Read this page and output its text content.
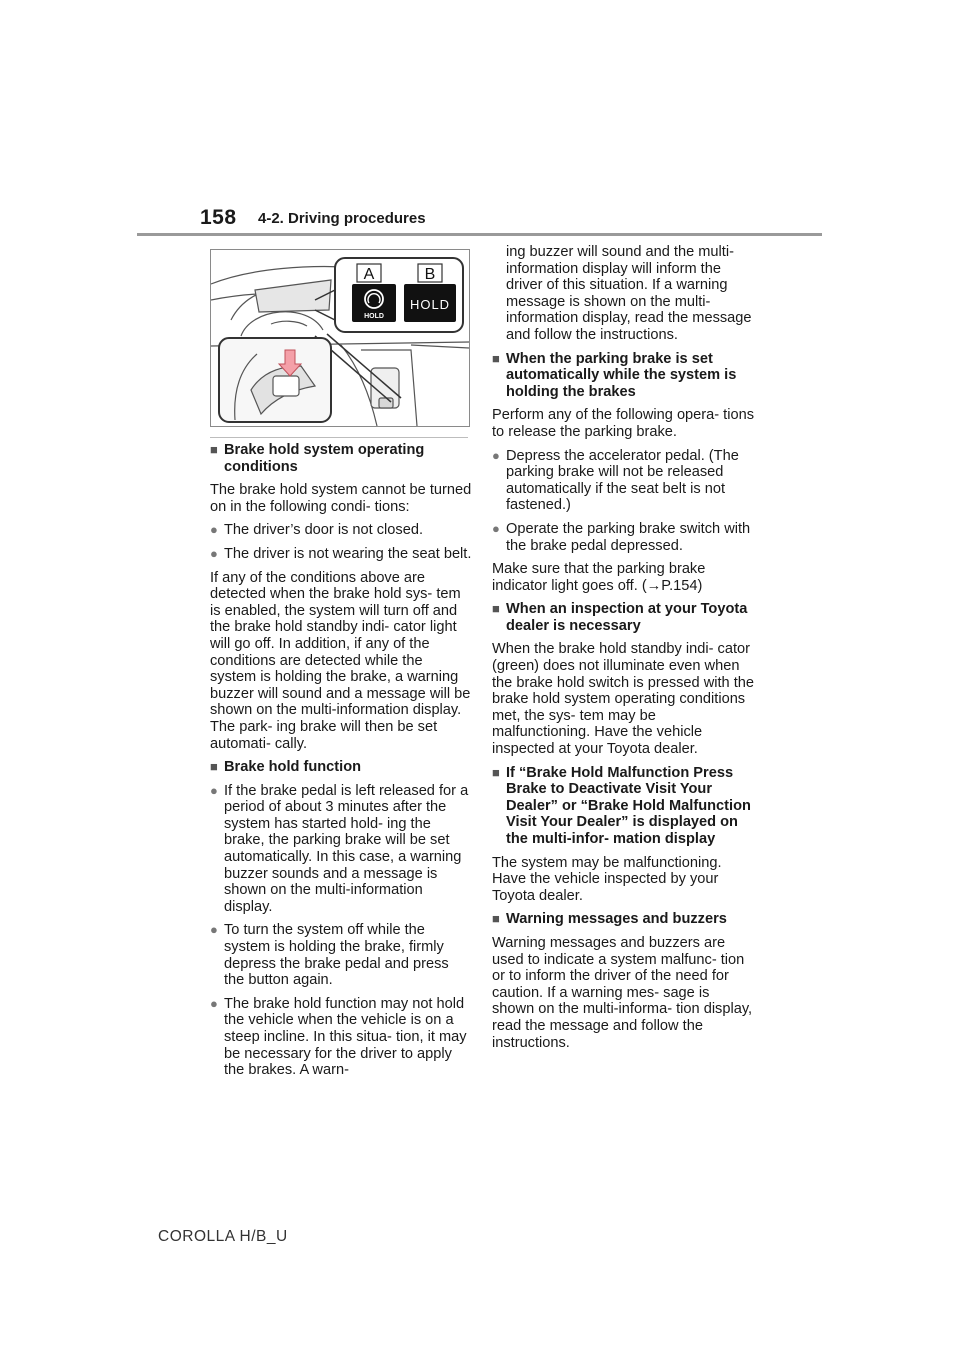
158 4-2. Driving procedures
A	B
HOLD
HOLD
■ Brake hold system operating conditions

The brake hold system cannot be turned on in the following condi- tions:

● The driver’s door is not closed.
● The driver is not wearing the seat belt.

If any of the conditions above are detected when the brake hold sys- tem is enabled, the system will turn off and the brake hold standby indi- cator light will go off. In addition, if any of the conditions are detected while the system is holding the brake, a warning buzzer will sound and a message will be shown on the multi-information display. The park- ing brake will then be set automati- cally.

■ Brake hold function
● If the brake pedal is left released for a period of about 3 minutes after the system has started hold- ing the brake, the parking brake will be set automatically. In this case, a warning buzzer sounds and a message is shown on the multi-information display.
● To turn the system off while the system is holding the brake, firmly depress the brake pedal and press the button again.
● The brake hold function may not hold the vehicle when the vehicle is on a steep incline. In this situa- tion, it may be necessary for the driver to apply the brakes. A warn-
ing buzzer will sound and the multi-information display will inform the driver of this situation. If a warning message is shown on the multi-information display, read the message and follow the instructions.
■ When the parking brake is set automatically while the system is holding the brakes

Perform any of the following opera- tions to release the parking brake.

● Depress the accelerator pedal. (The parking brake will not be released automatically if the seat belt is not fastened.)
● Operate the parking brake switch with the brake pedal depressed.

Make sure that the parking brake indicator light goes off. (→P.154)

■ When an inspection at your Toyota dealer is necessary

When the brake hold standby indi- cator (green) does not illuminate even when the brake hold switch is pressed with the brake hold system operating conditions met, the sys- tem may be malfunctioning. Have the vehicle inspected at your Toyota dealer.

■ If “Brake Hold Malfunction Press Brake to Deactivate Visit Your Dealer” or “Brake Hold Malfunction Visit Your Dealer” is displayed on the multi-infor- mation display

The system may be malfunctioning. Have the vehicle inspected by your Toyota dealer.

■ Warning messages and buzzers

Warning messages and buzzers are used to indicate a system malfunc- tion or to inform the driver of the need for caution. If a warning mes- sage is shown on the multi-informa- tion display, read the message and follow the instructions.

COROLLA H/B_U
